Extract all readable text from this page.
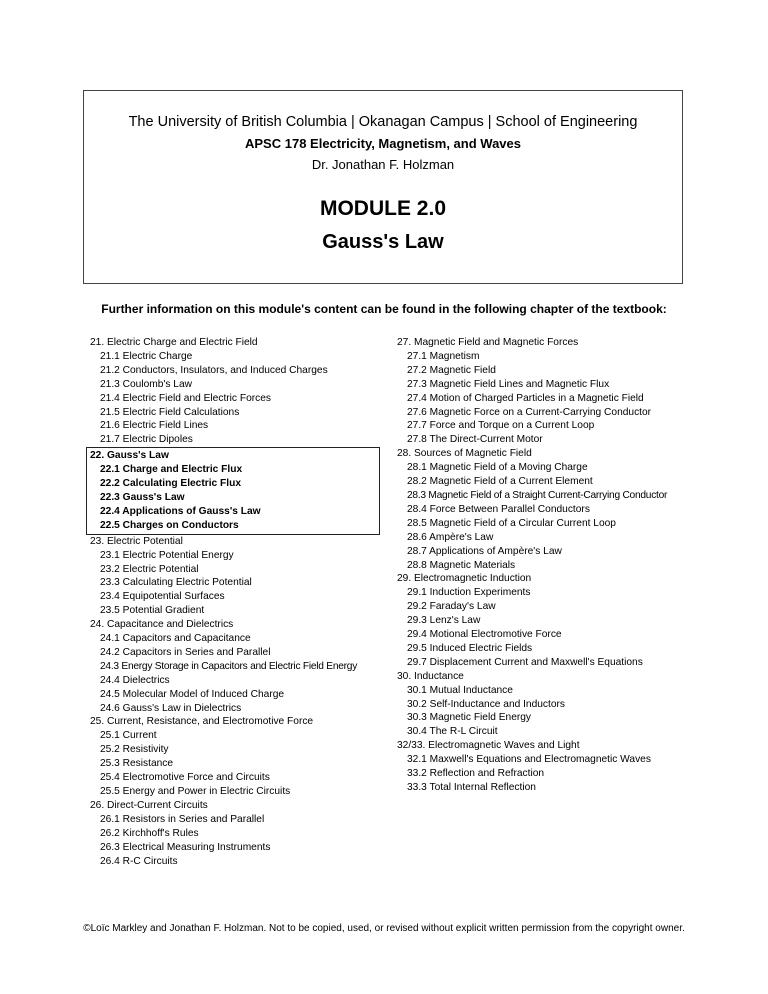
The University of British Columbia | Okanagan Campus | School of Engineering
APSC 178 Electricity, Magnetism, and Waves
Dr. Jonathan F. Holzman
MODULE 2.0
Gauss's Law
Further information on this module's content can be found in the following chapter of the textbook:
21. Electric Charge and Electric Field
21.1 Electric Charge
21.2 Conductors, Insulators, and Induced Charges
21.3 Coulomb's Law
21.4 Electric Field and Electric Forces
21.5 Electric Field Calculations
21.6 Electric Field Lines
21.7 Electric Dipoles
22. Gauss's Law
22.1 Charge and Electric Flux
22.2 Calculating Electric Flux
22.3 Gauss's Law
22.4 Applications of Gauss's Law
22.5 Charges on Conductors
23. Electric Potential
23.1 Electric Potential Energy
23.2 Electric Potential
23.3 Calculating Electric Potential
23.4 Equipotential Surfaces
23.5 Potential Gradient
24. Capacitance and Dielectrics
24.1 Capacitors and Capacitance
24.2 Capacitors in Series and Parallel
24.3 Energy Storage in Capacitors and Electric Field Energy
24.4 Dielectrics
24.5 Molecular Model of Induced Charge
24.6 Gauss's Law in Dielectrics
25. Current, Resistance, and Electromotive Force
25.1 Current
25.2 Resistivity
25.3 Resistance
25.4 Electromotive Force and Circuits
25.5 Energy and Power in Electric Circuits
26. Direct-Current Circuits
26.1 Resistors in Series and Parallel
26.2 Kirchhoff's Rules
26.3 Electrical Measuring Instruments
26.4 R-C Circuits
27. Magnetic Field and Magnetic Forces
27.1 Magnetism
27.2 Magnetic Field
27.3 Magnetic Field Lines and Magnetic Flux
27.4 Motion of Charged Particles in a Magnetic Field
27.6 Magnetic Force on a Current-Carrying Conductor
27.7 Force and Torque on a Current Loop
27.8 The Direct-Current Motor
28. Sources of Magnetic Field
28.1 Magnetic Field of a Moving Charge
28.2 Magnetic Field of a Current Element
28.3 Magnetic Field of a Straight Current-Carrying Conductor
28.4 Force Between Parallel Conductors
28.5 Magnetic Field of a Circular Current Loop
28.6 Ampère's Law
28.7 Applications of Ampère's Law
28.8 Magnetic Materials
29. Electromagnetic Induction
29.1 Induction Experiments
29.2 Faraday's Law
29.3 Lenz's Law
29.4 Motional Electromotive Force
29.5 Induced Electric Fields
29.7 Displacement Current and Maxwell's Equations
30. Inductance
30.1 Mutual Inductance
30.2 Self-Inductance and Inductors
30.3 Magnetic Field Energy
30.4 The R-L Circuit
32/33. Electromagnetic Waves and Light
32.1 Maxwell's Equations and Electromagnetic Waves
33.2 Reflection and Refraction
33.3 Total Internal Reflection
©Loïc Markley and Jonathan F. Holzman. Not to be copied, used, or revised without explicit written permission from the copyright owner.
